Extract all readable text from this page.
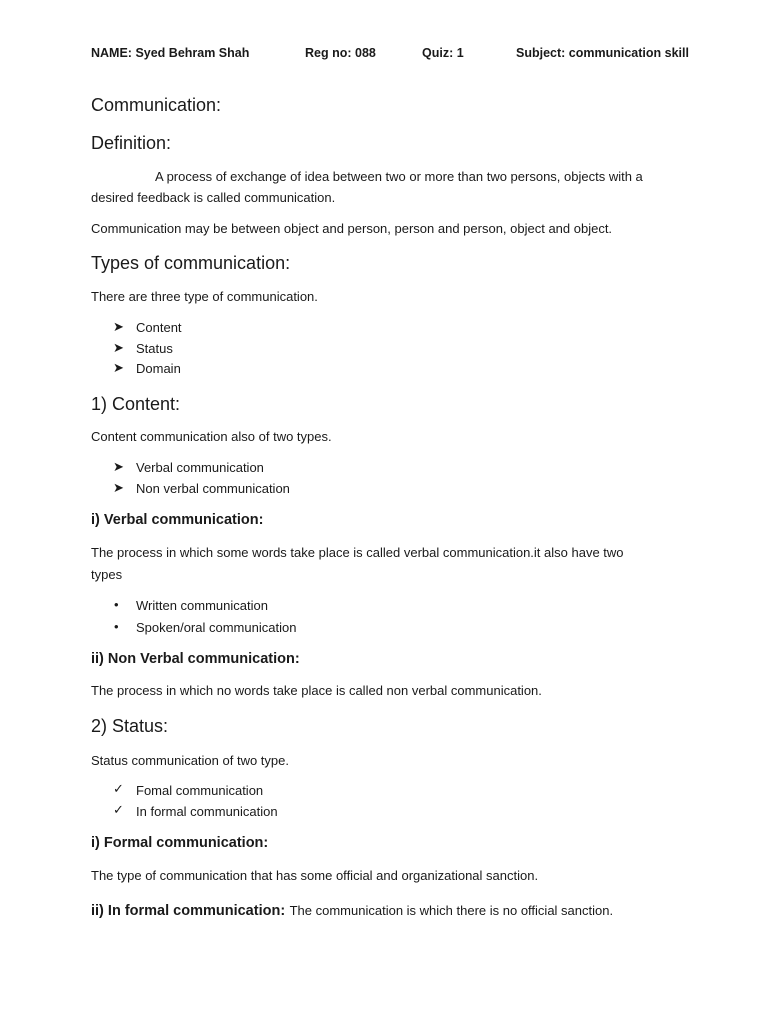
NAME: Syed Behram Shah	Reg no: 088	Quiz: 1	Subject: communication skill
Communication:
Definition:
A process of exchange of idea between two or more than two persons, objects with a
desired feedback is called communication.
Communication may be between object and person, person and person, object and object.
Types of communication:
There are three type of communication.
➤ Content
➤ Status
➤ Domain
1) Content:
Content communication also of two types.
➤ Verbal communication
➤ Non verbal communication
i) Verbal communication:
The process in which some words take place is called verbal communication.it also have two
types
• Written communication
• Spoken/oral communication
ii) Non Verbal communication:
The process in which no words take place is called non verbal communication.
2) Status:
Status communication of two type.
✓ Fomal communication
✓ In formal communication
i) Formal communication:
The type of communication that has some official and organizational sanction.
ii) In formal communication: The communication is which there is no official sanction.
